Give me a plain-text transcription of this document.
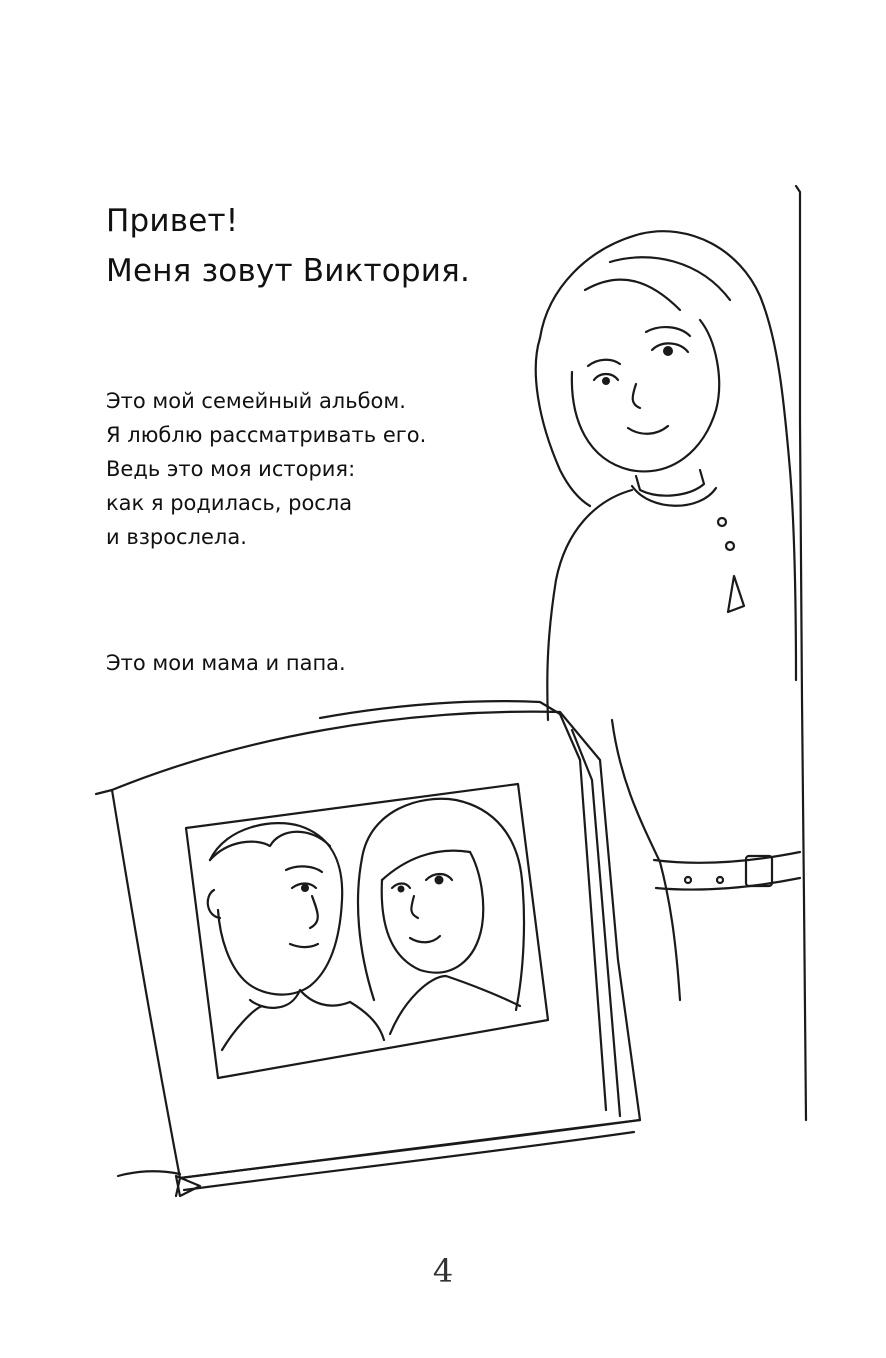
Привет!
Меня зовут Виктория.
Это мой семейный альбом.
Я люблю рассматривать его.
Ведь это моя история:
как я родилась, росла
и взрослела.
Это мои мама и папа.
4
